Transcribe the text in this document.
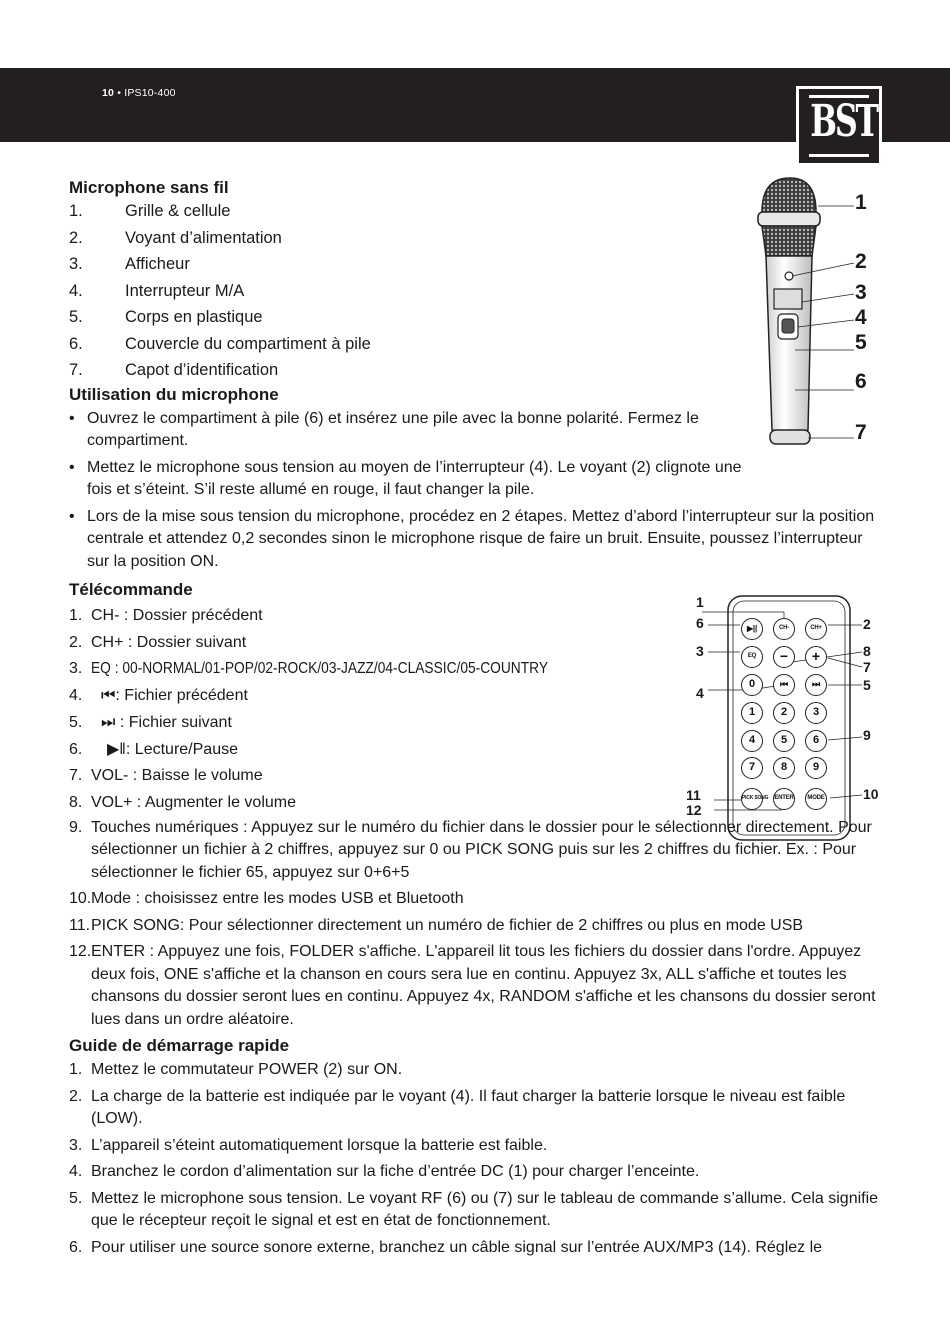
10 • IPS10-400
BST
1
2
3
4
5
6
7
▶||	CH-	CH+
EQ	−	+
0	⏮	⏭
1	2	3
4	5	6
7	8	9
PICK SONG ENTER	MODE
1
6
3
4
11
12
2
8
7
5
9
10
Microphone sans fil
1.	Grille & cellule
2.	Voyant d’alimentation
3.	Afficheur
4.	Interrupteur M/A
5.	Corps en plastique
6.	Couvercle du compartiment à pile
7.	Capot d’identification
Utilisation du microphone
• Ouvrez le compartiment à pile (6) et insérez une pile avec la bonne polarité. Fermez le compartiment.
• Mettez le microphone sous tension au moyen de l’interrupteur (4). Le voyant (2) clignote une fois et s’éteint. S’il reste allumé en rouge, il faut changer la pile.
• Lors de la mise sous tension du microphone, procédez en 2 étapes. Mettez d’abord l’interrupteur sur la position centrale et attendez 0,2 secondes sinon le microphone risque de faire un bruit. Ensuite, poussez l’interrupteur sur la position ON.
Télécommande
1. CH- : Dossier précédent
2. CH+ : Dossier suivant
3. EQ : 00-NORMAL/01-POP/02-ROCK/03-JAZZ/04-CLASSIC/05-COUNTRY
4. ⏮: Fichier précédent
5. ⏭ : Fichier suivant
6. ▶‖: Lecture/Pause
7. VOL- : Baisse le volume
8. VOL+ : Augmenter le volume
9. Touches numériques : Appuyez sur le numéro du fichier dans le dossier pour le sélectionner directement. Pour sélectionner un fichier à 2 chiffres, appuyez sur 0 ou PICK SONG puis sur les 2 chiffres du fichier. Ex. : Pour sélectionner le fichier 65, appuyez sur 0+6+5
10. Mode : choisissez entre les modes USB et Bluetooth
11. PICK SONG: Pour sélectionner directement un numéro de fichier de 2 chiffres ou plus en mode USB
12. ENTER : Appuyez une fois, FOLDER s'affiche. L'appareil lit tous les fichiers du dossier dans l'ordre. Appuyez deux fois, ONE s'affiche et la chanson en cours sera lue en continu. Appuyez 3x, ALL s'affiche et toutes les chansons du dossier seront lues en continu. Appuyez 4x, RANDOM s'affiche et les chansons du dossier seront lues dans un ordre aléatoire.
Guide de démarrage rapide
1. Mettez le commutateur POWER (2) sur ON.
2. La charge de la batterie est indiquée par le voyant (4). Il faut charger la batterie lorsque le niveau est faible (LOW).
3. L’appareil s’éteint automatiquement lorsque la batterie est faible.
4. Branchez le cordon d’alimentation sur la fiche d’entrée DC (1) pour charger l’enceinte.
5. Mettez le microphone sous tension. Le voyant RF (6) ou (7) sur le tableau de commande s’allume. Cela signifie que le récepteur reçoit le signal et est en état de fonctionnement.
6. Pour utiliser une source sonore externe, branchez un câble signal sur l’entrée AUX/MP3 (14). Réglez le
